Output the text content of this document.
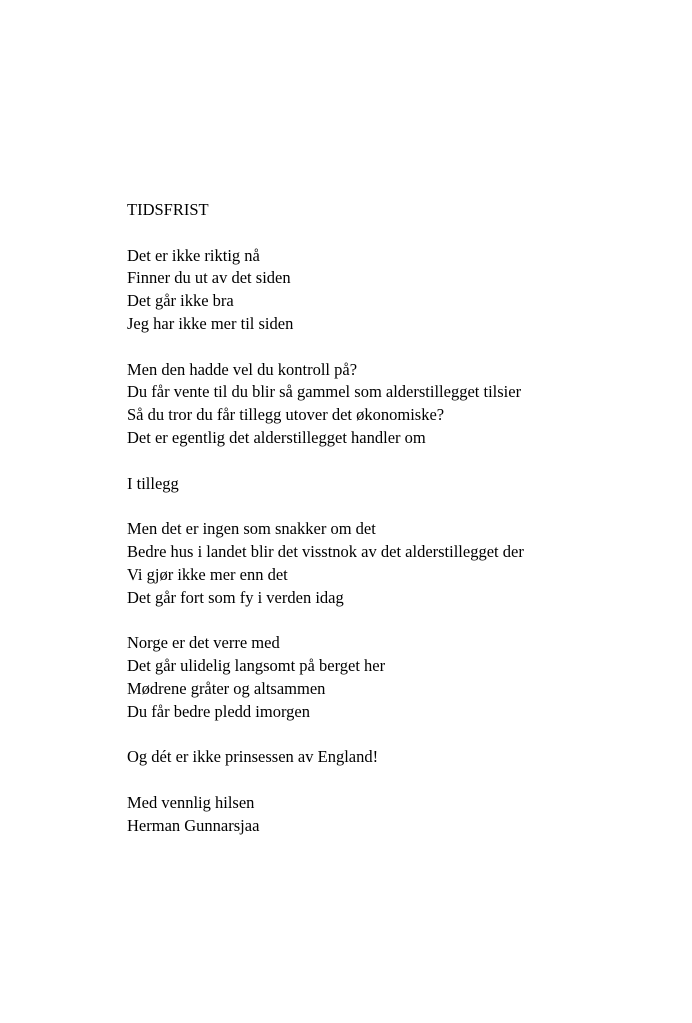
TIDSFRIST
Det er ikke riktig nå
Finner du ut av det siden
Det går ikke bra
Jeg har ikke mer til siden
Men den hadde vel du kontroll på?
Du får vente til du blir så gammel som alderstillegget tilsier
Så du tror du får tillegg utover det økonomiske?
Det er egentlig det alderstillegget handler om
I tillegg
Men det er ingen som snakker om det
Bedre hus i landet blir det visstnok av det alderstillegget der
Vi gjør ikke mer enn det
Det går fort som fy i verden idag
Norge er det verre med
Det går ulidelig langsomt på berget her
Mødrene gråter og altsammen
Du får bedre pledd imorgen
Og dét er ikke prinsessen av England!
Med vennlig hilsen
Herman Gunnarsjaa
